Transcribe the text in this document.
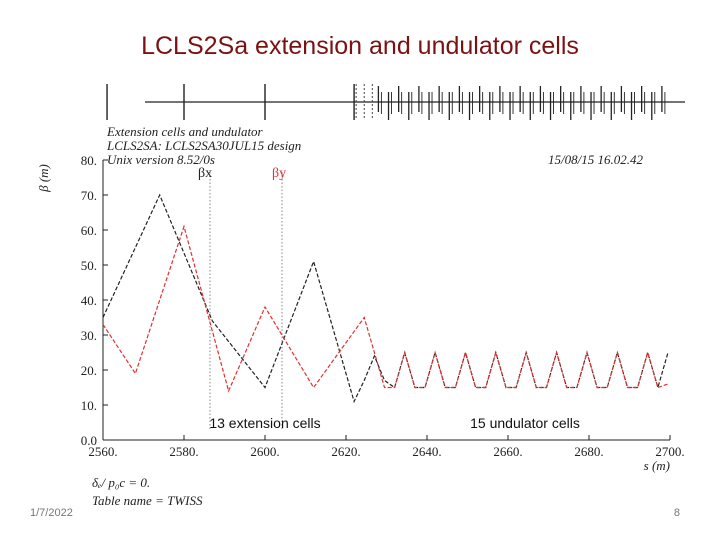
LCLS2Sa extension and undulator cells
Extension cells and undulator
LCLS2SA: LCLS2SA30JUL15 design
Unix version 8.52/0s	15/08/15 16.02.42
β (m)
0.0
10.
20.
30.
40.
50.
60.
70.
80.
2560.	2580.	2600.	2620.	2640.	2660.	2680.	2700.
βx	βy
13 extension cells	15 undulator cells
s (m)
δₑ/ p₀c = 0.
Table name = TWISS
1/7/2022	8
